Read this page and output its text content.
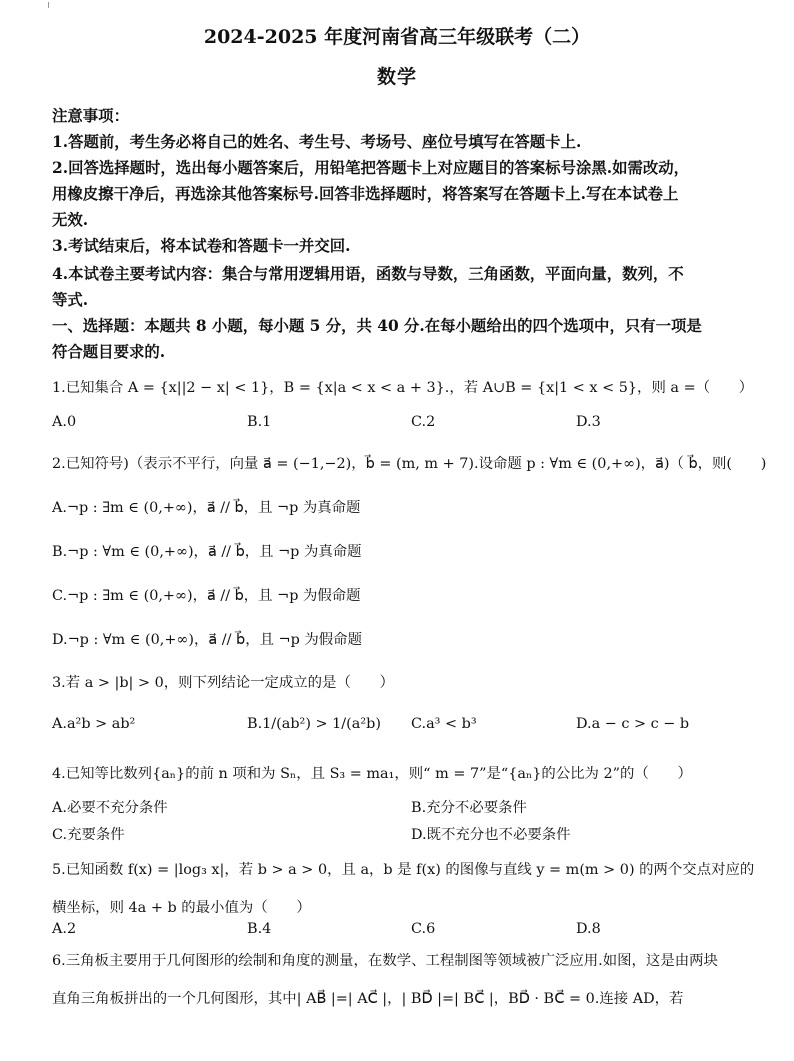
2024-2025 年度河南省高三年级联考（二）
数学
注意事项：
1.答题前，考生务必将自己的姓名、考生号、考场号、座位号填写在答题卡上.
2.回答选择题时，选出每小题答案后，用铅笔把答题卡上对应题目的答案标号涂黑.如需改动，
用橡皮擦干净后，再选涂其他答案标号.回答非选择题时，将答案写在答题卡上.写在本试卷上
无效.
3.考试结束后，将本试卷和答题卡一并交回.
4.本试卷主要考试内容：集合与常用逻辑用语，函数与导数，三角函数，平面向量，数列，不
等式.
一、选择题：本题共 8 小题，每小题 5 分，共 40 分.在每小题给出的四个选项中，只有一项是
符合题目要求的.
1.已知集合 A = {x||2 − x| < 1}，B = {x|a < x < a + 3}.，若 A∪B = {x|1 < x < 5}，则 a =（　　）
A.0	B.1	C.2	D.3
2.已知符号)（表示不平行，向量 a⃗ = (−1,−2)，b⃗ = (m, m + 7).设命题 p : ∀m ∈ (0,+∞)，a⃗)（ b⃗，则(　　)
A.¬p : ∃m ∈ (0,+∞)，a⃗ // b⃗，且 ¬p 为真命题
B.¬p : ∀m ∈ (0,+∞)，a⃗ // b⃗，且 ¬p 为真命题
C.¬p : ∃m ∈ (0,+∞)，a⃗ // b⃗，且 ¬p 为假命题
D.¬p : ∀m ∈ (0,+∞)，a⃗ // b⃗，且 ¬p 为假命题
3.若 a > |b| > 0，则下列结论一定成立的是（　　）
A.a²b > ab²	B.1/(ab²) > 1/(a²b) C.a³ < b³	D.a − c > c − b
4.已知等比数列{aₙ}的前 n 项和为 Sₙ，且 S₃ = ma₁，则“ m = 7”是“{aₙ}的公比为 2”的（　　）
A.必要不充分条件	B.充分不必要条件
C.充要条件	D.既不充分也不必要条件
5.已知函数 f(x) = |log₃ x|，若 b > a > 0，且 a，b 是 f(x) 的图像与直线 y = m(m > 0) 的两个交点对应的
横坐标，则 4a + b 的最小值为（　　）
A.2	B.4	C.6	D.8
6.三角板主要用于几何图形的绘制和角度的测量，在数学、工程制图等领域被广泛应用.如图，这是由两块
直角三角板拼出的一个几何图形，其中| AB⃗ |=| AC⃗ |，| BD⃗ |=| BC⃗ |，BD⃗ · BC⃗ = 0.连接 AD，若
